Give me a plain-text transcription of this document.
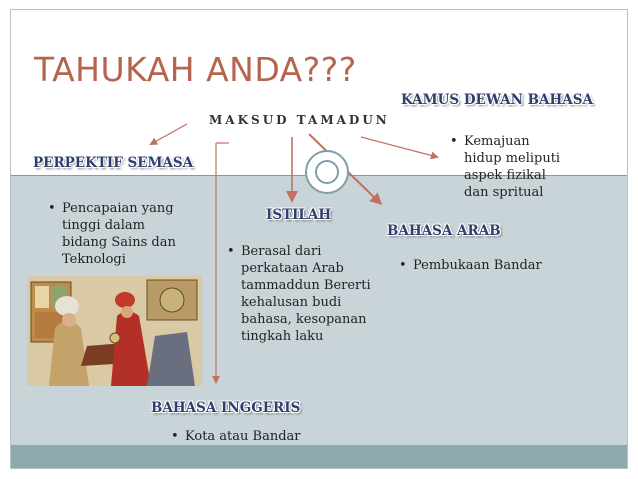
TAHUKAH ANDA???
MAKSUD TAMADUN
KAMUS DEWAN BAHASA
PERPEKTIF SEMASA
ISTILAH
BAHASA ARAB
BAHASA INGGERIS
• Kemajuan
hidup meliputi
aspek fizikal
dan spritual
• Pencapaian yang
tinggi dalam
bidang Sains dan
Teknologi
• Berasal dari
perkataan Arab
tammaddun Bererti
kehalusan budi
bahasa, kesopanan
tingkah laku
• Pembukaan Bandar
• Kota atau Bandar
